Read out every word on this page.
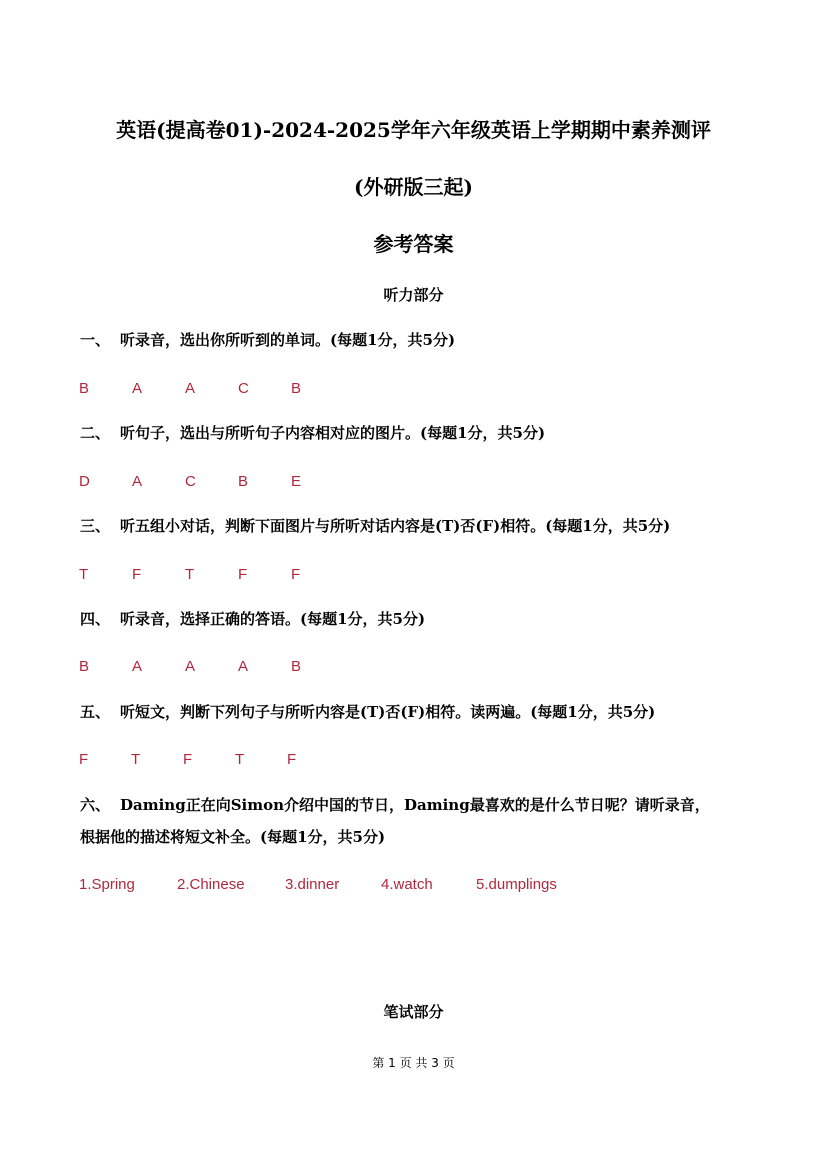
英语(提高卷01)-2024-2025学年六年级英语上学期期中素养测评
(外研版三起)
参考答案
听力部分
一、 听录音，选出你所听到的单词。(每题1分，共5分)
B	A	A	C	B
二、 听句子，选出与所听句子内容相对应的图片。(每题1分，共5分)
D	A	C	B	E
三、 听五组小对话，判断下面图片与所听对话内容是(T)否(F)相符。(每题1分，共5分)
T	F	T	F	F
四、 听录音，选择正确的答语。(每题1分，共5分)
B	A	A	A	B
五、 听短文，判断下列句子与所听内容是(T)否(F)相符。读两遍。(每题1分，共5分)
F	T	F	T	F
六、 Daming正在向Simon介绍中国的节日，Daming最喜欢的是什么节日呢？请听录音，
根据他的描述将短文补全。(每题1分，共5分)
1.Spring	2.Chinese	3.dinner	4.watch	5.dumplings
笔试部分
第 1 页 共 3 页
